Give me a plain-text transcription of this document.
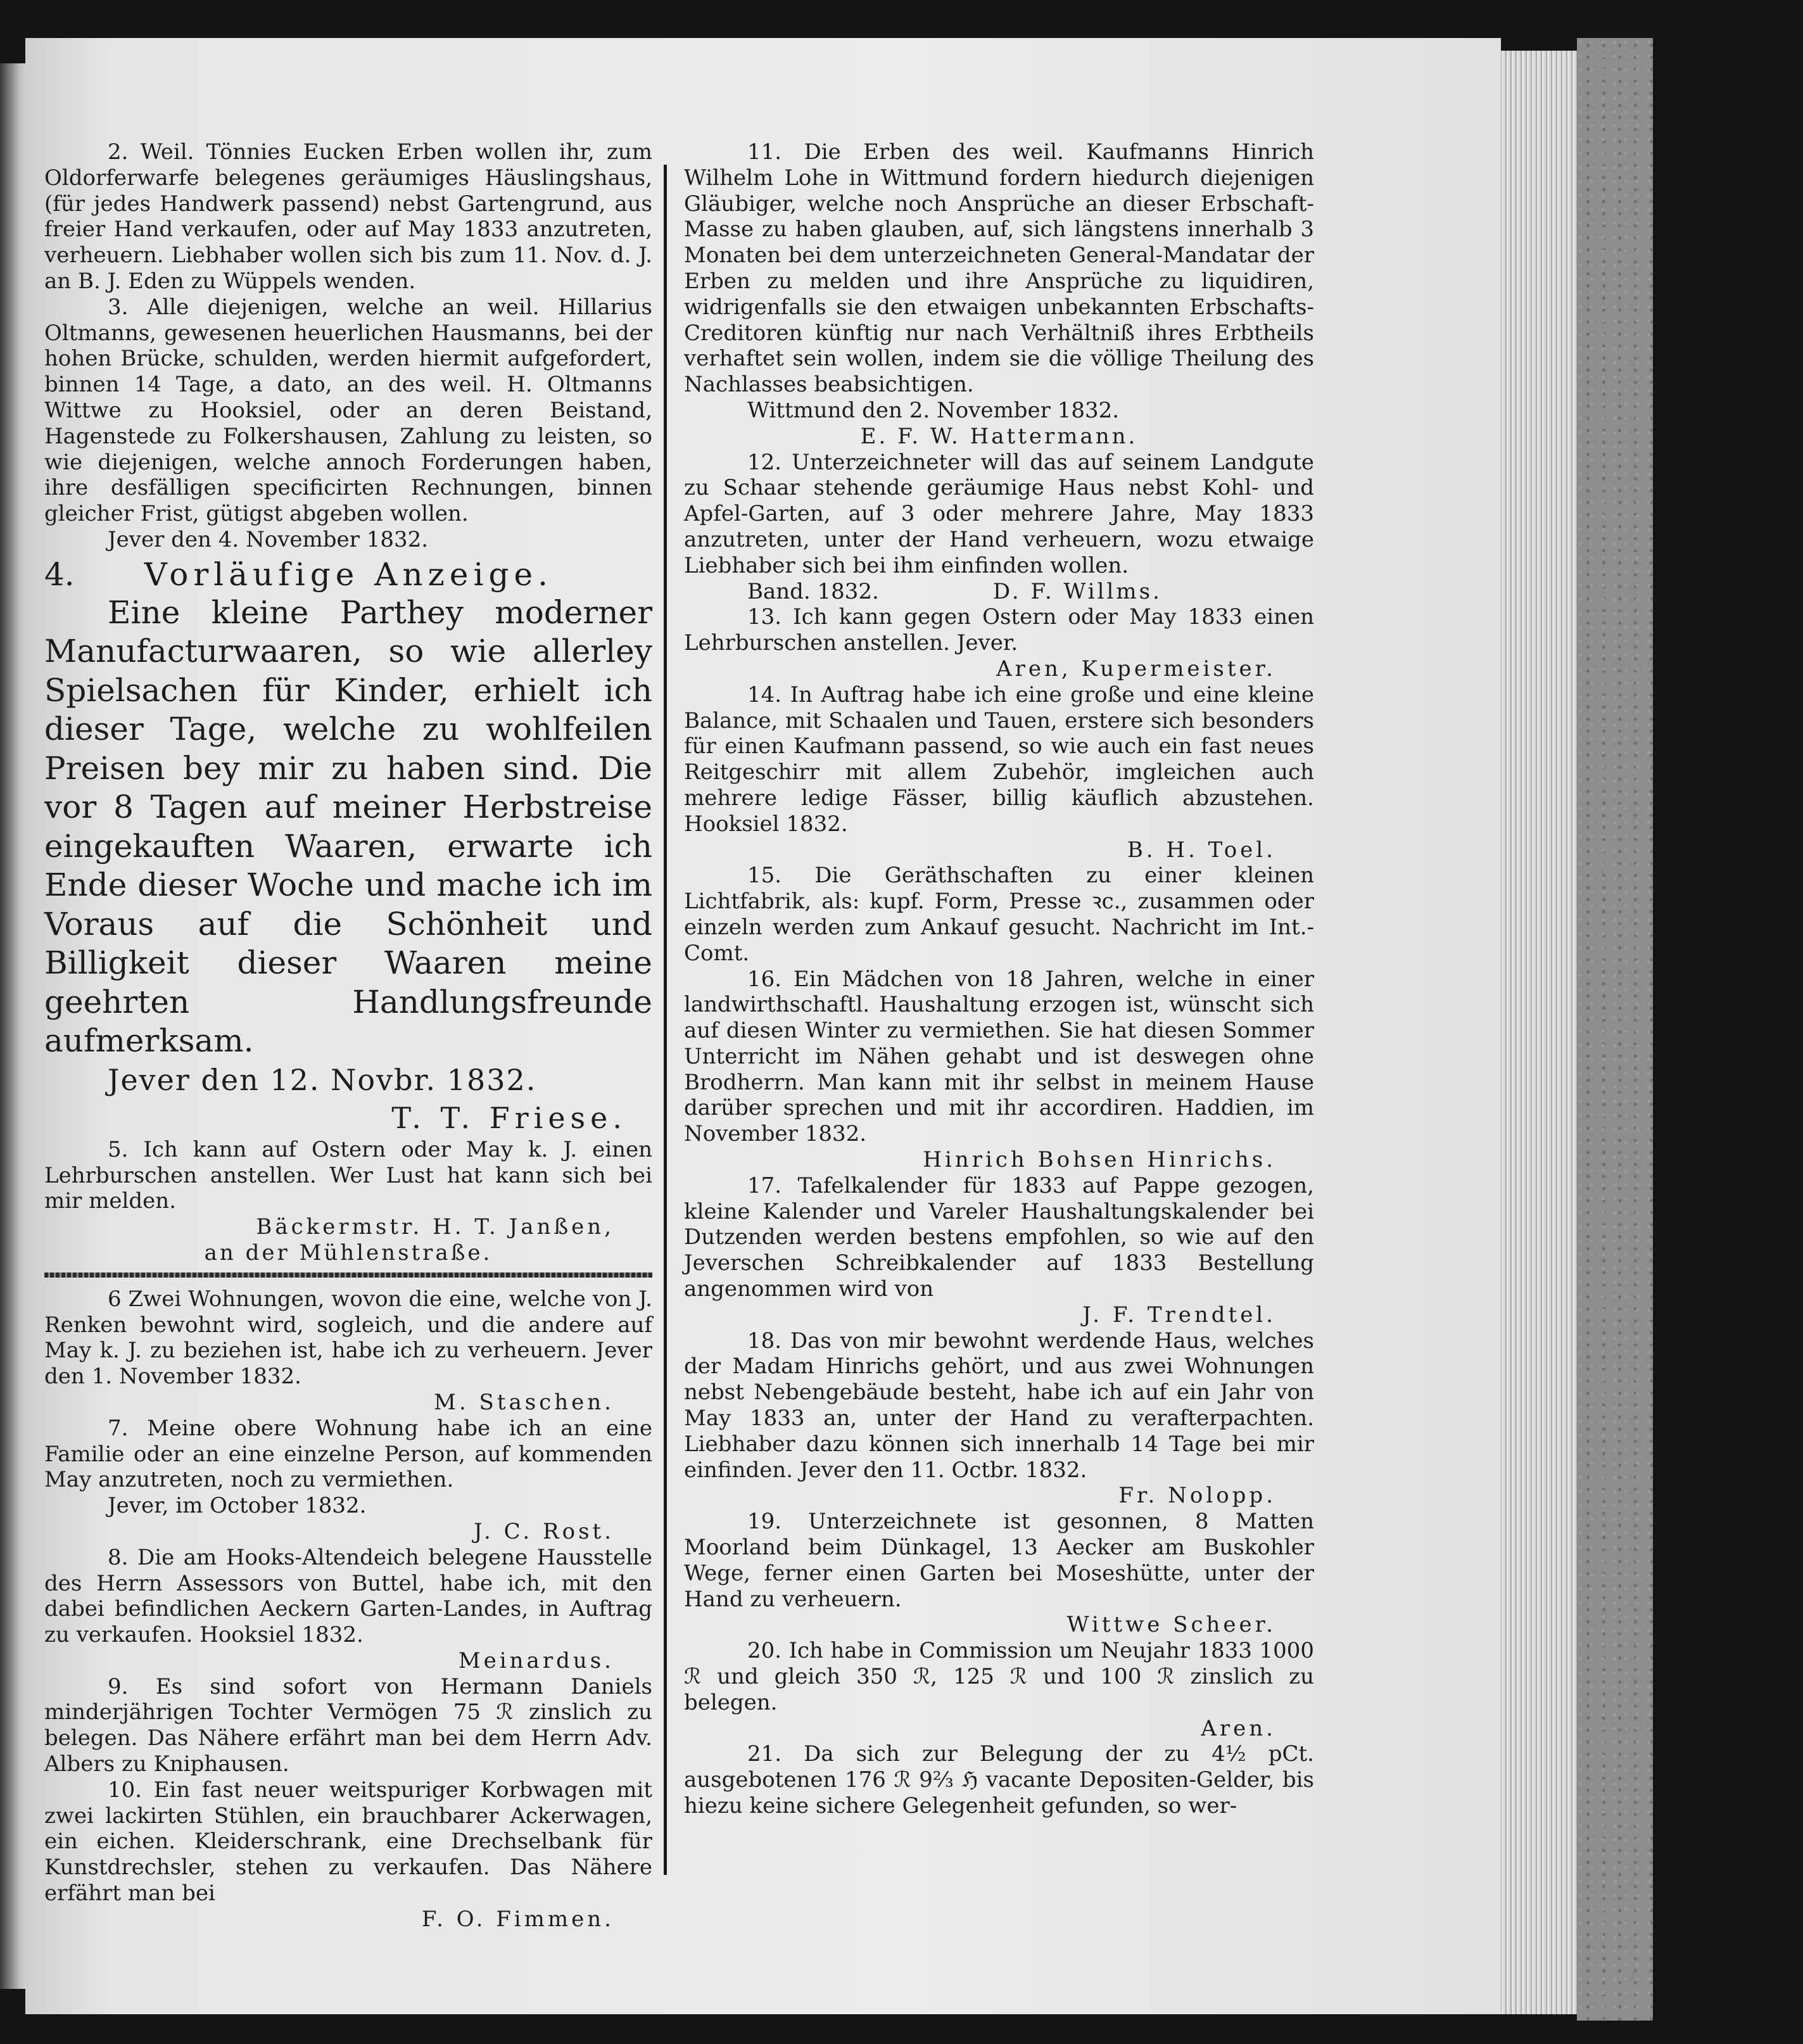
2. Weil. Tönnies Eucken Erben wollen ihr, zum Oldorferwarfe belegenes geräumiges Häuslingshaus, (für jedes Handwerk passend) nebst Gartengrund, aus freier Hand verkaufen, oder auf May 1833 anzutreten, verheuern. Liebhaber wollen sich bis zum 11. Nov. d. J. an B. J. Eden zu Wüppels wenden.

3. Alle diejenigen, welche an weil. Hillarius Oltmanns, gewesenen heuerlichen Hausmanns, bei der hohen Brücke, schulden, werden hiermit aufgefordert, binnen 14 Tage, a dato, an des weil. H. Oltmanns Wittwe zu Hooksiel, oder an deren Beistand, Hagenstede zu Folkershausen, Zahlung zu leisten, so wie diejenigen, welche annoch Forderungen haben, ihre desfälligen specificirten Rechnungen, binnen gleicher Frist, gütigst abgeben wollen.

Jever den 4. November 1832.

4. Vorläufige Anzeige.

Eine kleine Parthey moderner Manufacturwaaren, so wie allerley Spielsachen für Kinder, erhielt ich dieser Tage, welche zu wohlfeilen Preisen bey mir zu haben sind. Die vor 8 Tagen auf meiner Herbstreise eingekauften Waaren, erwarte ich Ende dieser Woche und mache ich im Voraus auf die Schönheit und Billigkeit dieser Waaren meine geehrten Handlungsfreunde aufmerksam.

Jever den 12. Novbr. 1832.

T. T. Friese.

5. Ich kann auf Ostern oder May k. J. einen Lehrburschen anstellen. Wer Lust hat kann sich bei mir melden.

Bäckermstr. H. T. Janßen,

an der Mühlenstraße.

6 Zwei Wohnungen, wovon die eine, welche von J. Renken bewohnt wird, sogleich, und die andere auf May k. J. zu beziehen ist, habe ich zu verheuern. Jever den 1. November 1832.

M. Staschen.

7. Meine obere Wohnung habe ich an eine Familie oder an eine einzelne Person, auf kommenden May anzutreten, noch zu vermiethen.

Jever, im October 1832.

J. C. Rost.

8. Die am Hooks-Altendeich belegene Hausstelle des Herrn Assessors von Buttel, habe ich, mit den dabei befindlichen Aeckern Garten-Landes, in Auftrag zu verkaufen. Hooksiel 1832.

Meinardus.

9. Es sind sofort von Hermann Daniels minderjährigen Tochter Vermögen 75 ℛ zinslich zu belegen. Das Nähere erfährt man bei dem Herrn Adv. Albers zu Kniphausen.

10. Ein fast neuer weitspuriger Korbwagen mit zwei lackirten Stühlen, ein brauchbarer Ackerwagen, ein eichen. Kleiderschrank, eine Drechselbank für Kunstdrechsler, stehen zu verkaufen. Das Nähere erfährt man bei

F. O. Fimmen.

11. Die Erben des weil. Kaufmanns Hinrich Wilhelm Lohe in Wittmund fordern hiedurch diejenigen Gläubiger, welche noch Ansprüche an dieser Erbschaft-Masse zu haben glauben, auf, sich längstens innerhalb 3 Monaten bei dem unterzeichneten General-Mandatar der Erben zu melden und ihre Ansprüche zu liquidiren, widrigenfalls sie den etwaigen unbekannten Erbschafts-Creditoren künftig nur nach Verhältniß ihres Erbtheils verhaftet sein wollen, indem sie die völlige Theilung des Nachlasses beabsichtigen.

Wittmund den 2. November 1832.

E. F. W. Hattermann.

12. Unterzeichneter will das auf seinem Landgute zu Schaar stehende geräumige Haus nebst Kohl- und Apfel-Garten, auf 3 oder mehrere Jahre, May 1833 anzutreten, unter der Hand verheuern, wozu etwaige Liebhaber sich bei ihm einfinden wollen.

Band. 1832.	D. F. Willms.

13. Ich kann gegen Ostern oder May 1833 einen Lehrburschen anstellen. Jever.

Aren, Kupermeister.

14. In Auftrag habe ich eine große und eine kleine Balance, mit Schaalen und Tauen, erstere sich besonders für einen Kaufmann passend, so wie auch ein fast neues Reitgeschirr mit allem Zubehör, imgleichen auch mehrere ledige Fässer, billig käuflich abzustehen. Hooksiel 1832.

B. H. Toel.

15. Die Geräthschaften zu einer kleinen Lichtfabrik, als: kupf. Form, Presse ꝛc., zusammen oder einzeln werden zum Ankauf gesucht. Nachricht im Int.-Comt.

16. Ein Mädchen von 18 Jahren, welche in einer landwirthschaftl. Haushaltung erzogen ist, wünscht sich auf diesen Winter zu vermiethen. Sie hat diesen Sommer Unterricht im Nähen gehabt und ist deswegen ohne Brodherrn. Man kann mit ihr selbst in meinem Hause darüber sprechen und mit ihr accordiren. Haddien, im November 1832.

Hinrich Bohsen Hinrichs.

17. Tafelkalender für 1833 auf Pappe gezogen, kleine Kalender und Vareler Haushaltungskalender bei Dutzenden werden bestens empfohlen, so wie auf den Jeverschen Schreibkalender auf 1833 Bestellung angenommen wird von

J. F. Trendtel.

18. Das von mir bewohnt werdende Haus, welches der Madam Hinrichs gehört, und aus zwei Wohnungen nebst Nebengebäude besteht, habe ich auf ein Jahr von May 1833 an, unter der Hand zu verafterpachten. Liebhaber dazu können sich innerhalb 14 Tage bei mir einfinden. Jever den 11. Octbr. 1832.

Fr. Nolopp.

19. Unterzeichnete ist gesonnen, 8 Matten Moorland beim Dünkagel, 13 Aecker am Buskohler Wege, ferner einen Garten bei Moseshütte, unter der Hand zu verheuern.

Wittwe Scheer.

20. Ich habe in Commission um Neujahr 1833 1000 ℛ und gleich 350 ℛ, 125 ℛ und 100 ℛ zinslich zu belegen.

Aren.

21. Da sich zur Belegung der zu 4½ pCt. ausgebotenen 176 ℛ 9⅔ ℌ vacante Depositen-Gelder, bis hiezu keine sichere Gelegenheit gefunden, so wer-
